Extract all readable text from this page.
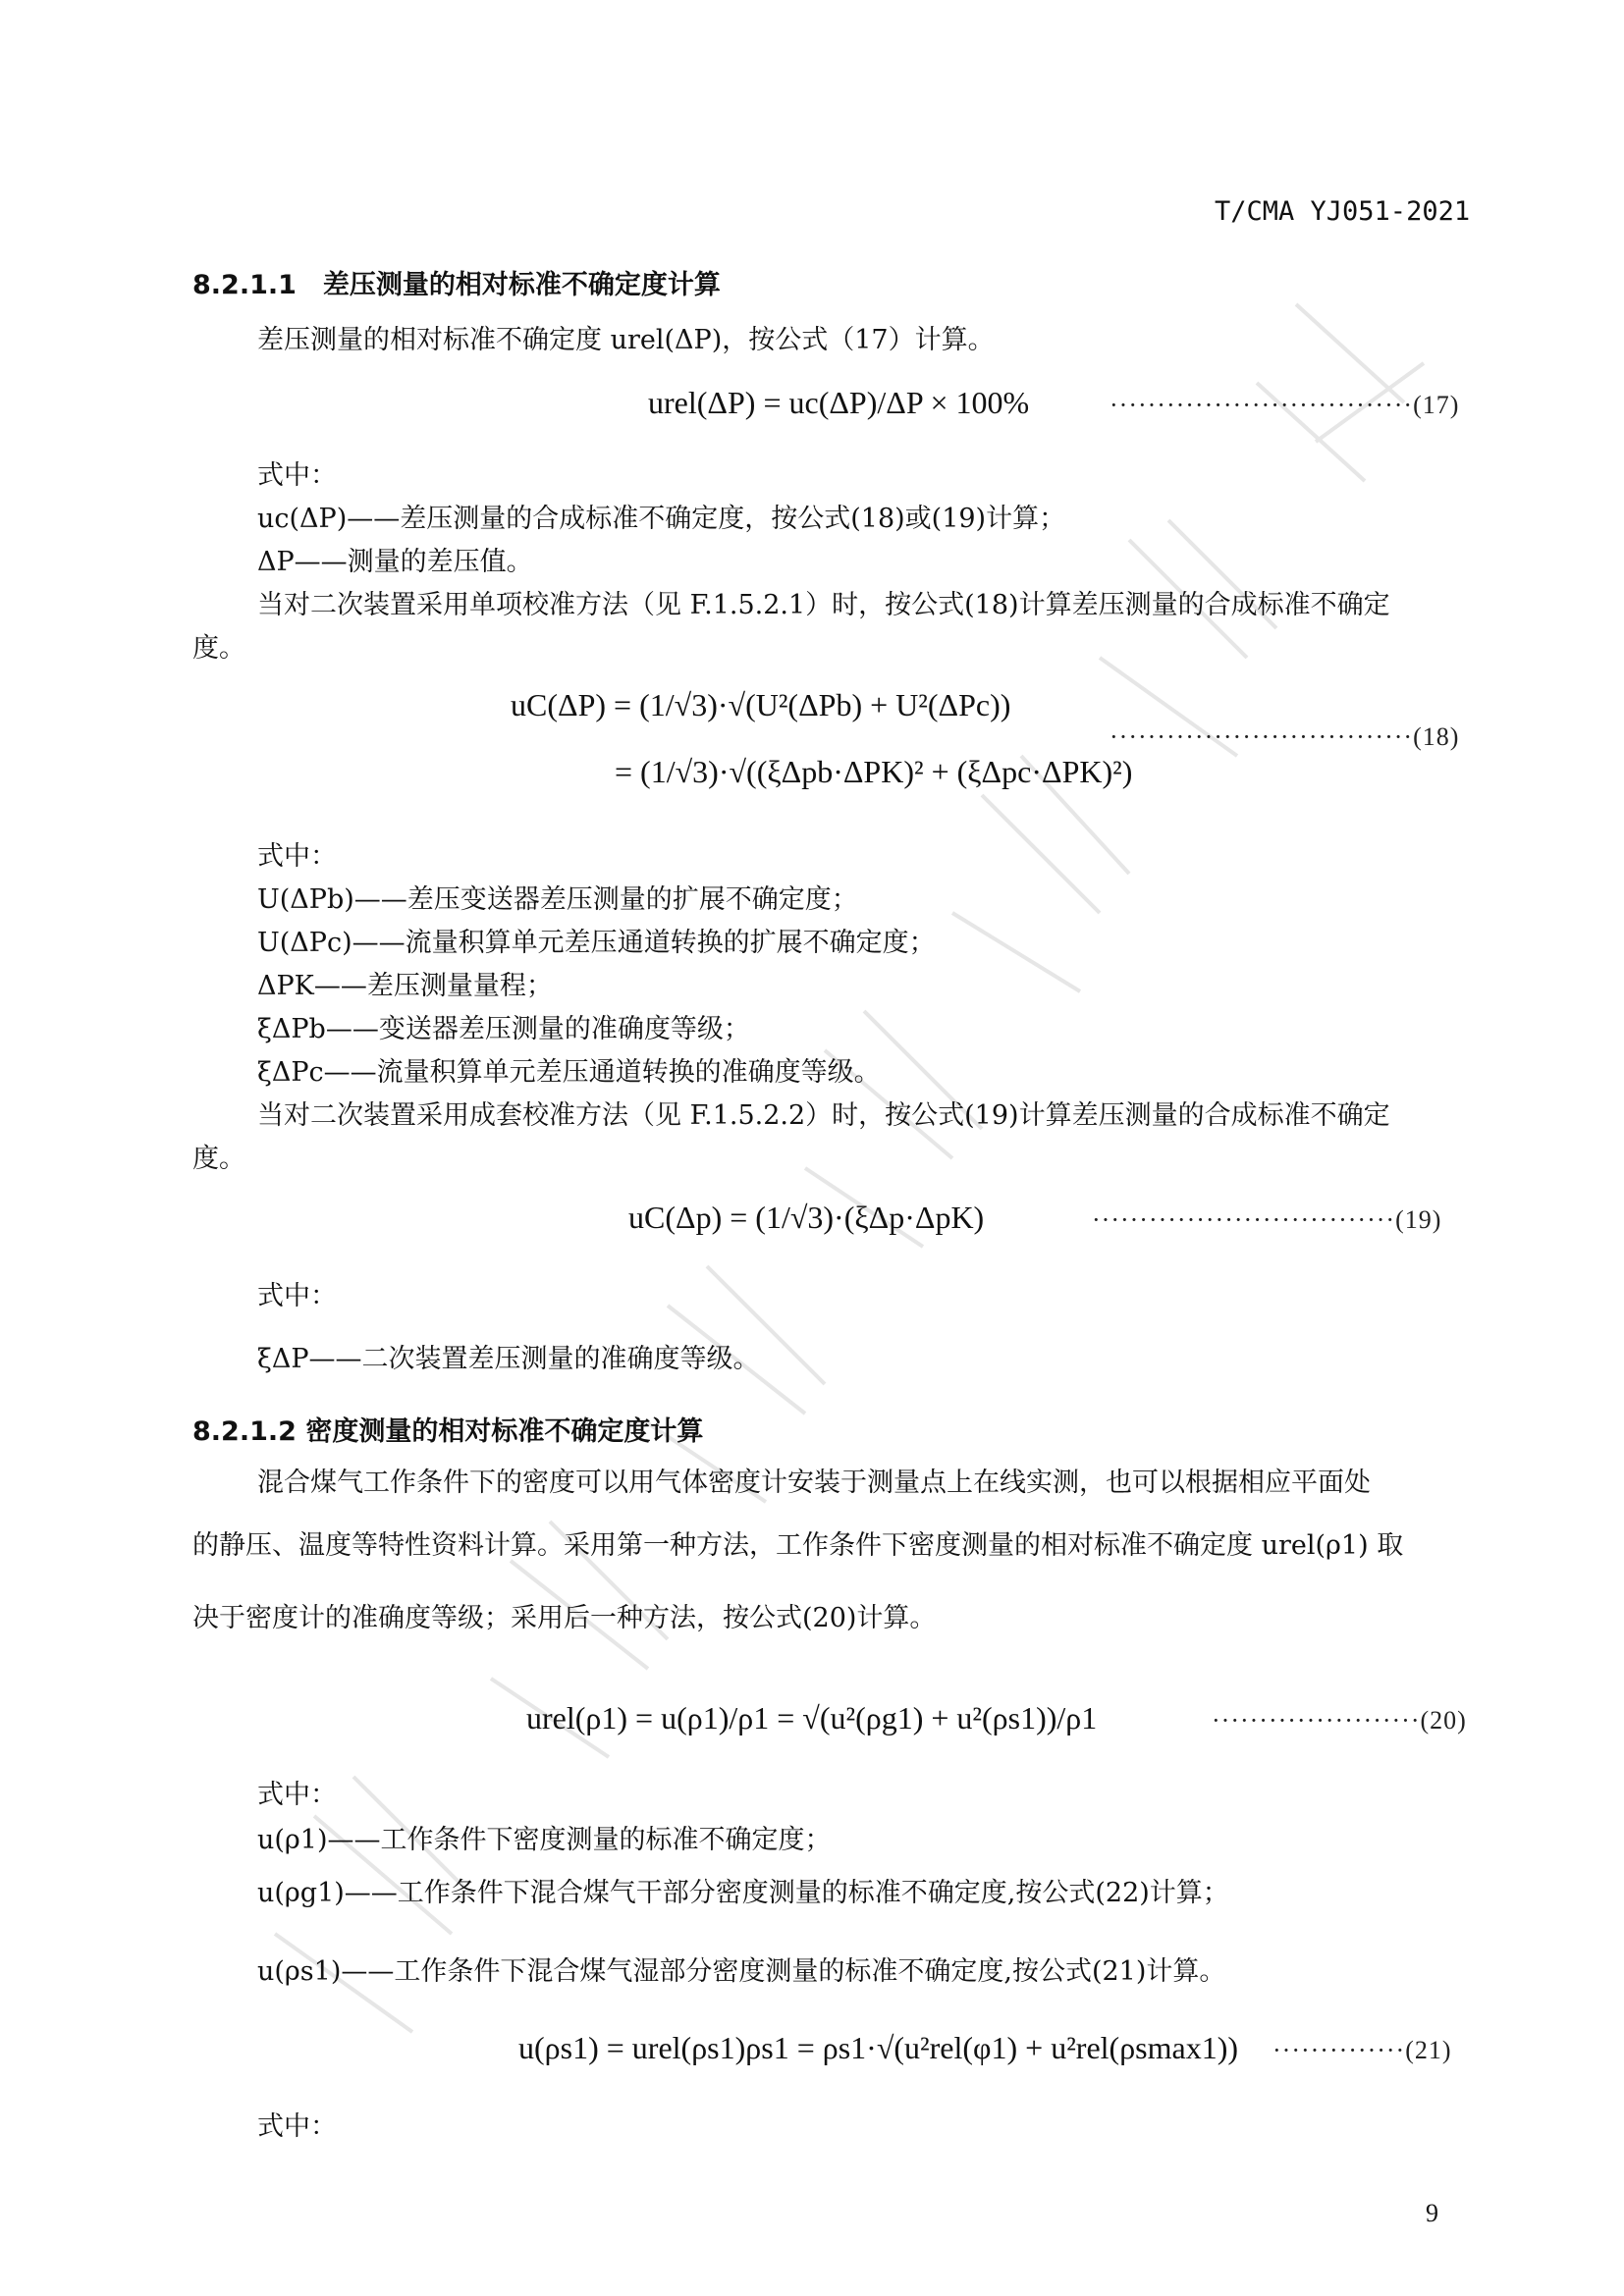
T/CMA YJ051-2021
8.2.1.1　差压测量的相对标准不确定度计算
差压测量的相对标准不确定度 urel(ΔP)，按公式（17）计算。
urel(ΔP) = uc(ΔP)/ΔP × 100%	································(17)
式中：
uc(ΔP)——差压测量的合成标准不确定度，按公式(18)或(19)计算；
ΔP——测量的差压值。
当对二次装置采用单项校准方法（见 F.1.5.2.1）时，按公式(18)计算差压测量的合成标准不确定
度。
uC(ΔP) = (1/√3)·√(U²(ΔPb) + U²(ΔPc))
= (1/√3)·√((ξΔpb·ΔPK)² + (ξΔpc·ΔPK)²)
································(18)
式中：
U(ΔPb)——差压变送器差压测量的扩展不确定度；
U(ΔPc)——流量积算单元差压通道转换的扩展不确定度；
ΔPK——差压测量量程；
ξΔPb——变送器差压测量的准确度等级；
ξΔPc——流量积算单元差压通道转换的准确度等级。
当对二次装置采用成套校准方法（见 F.1.5.2.2）时，按公式(19)计算差压测量的合成标准不确定
度。
uC(Δp) = (1/√3)·(ξΔp·ΔpK)	································(19)
式中：
ξΔP——二次装置差压测量的准确度等级。
8.2.1.2 密度测量的相对标准不确定度计算
混合煤气工作条件下的密度可以用气体密度计安装于测量点上在线实测，也可以根据相应平面处
的静压、温度等特性资料计算。采用第一种方法，工作条件下密度测量的相对标准不确定度 urel(ρ1) 取
决于密度计的准确度等级；采用后一种方法，按公式(20)计算。
urel(ρ1) = u(ρ1)/ρ1 = √(u²(ρg1) + u²(ρs1))/ρ1	······················(20)
式中：
u(ρ1)——工作条件下密度测量的标准不确定度；
u(ρg1)——工作条件下混合煤气干部分密度测量的标准不确定度,按公式(22)计算；
u(ρs1)——工作条件下混合煤气湿部分密度测量的标准不确定度,按公式(21)计算。
u(ρs1) = urel(ρs1)ρs1 = ρs1·√(u²rel(φ1) + u²rel(ρsmax1)) ··············(21)
式中：
9
